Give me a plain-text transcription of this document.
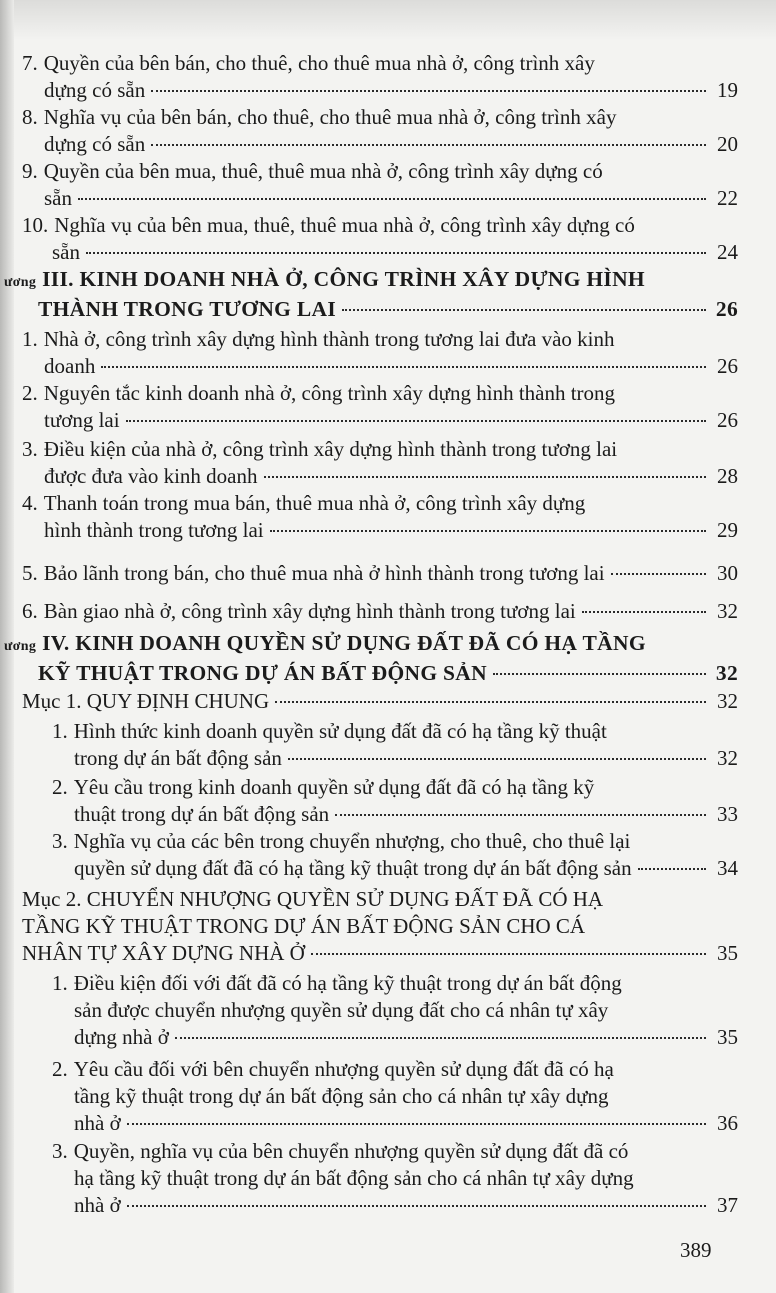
7. Quyền của bên bán, cho thuê, cho thuê mua nhà ở, công trình xây
dựng có sẵn	19
8. Nghĩa vụ của bên bán, cho thuê, cho thuê mua nhà ở, công trình xây
dựng có sẵn	20
9. Quyền của bên mua, thuê, thuê mua nhà ở, công trình xây dựng có
sẵn	22
10. Nghĩa vụ của bên mua, thuê, thuê mua nhà ở, công trình xây dựng có
sẵn	24
ương III. KINH DOANH NHÀ Ở, CÔNG TRÌNH XÂY DỰNG HÌNH
THÀNH TRONG TƯƠNG LAI	26
1. Nhà ở, công trình xây dựng hình thành trong tương lai đưa vào kinh
doanh	26
2. Nguyên tắc kinh doanh nhà ở, công trình xây dựng hình thành trong
tương lai	26
3. Điều kiện của nhà ở, công trình xây dựng hình thành trong tương lai
được đưa vào kinh doanh	28
4. Thanh toán trong mua bán, thuê mua nhà ở, công trình xây dựng
hình thành trong tương lai	29
5. Bảo lãnh trong bán, cho thuê mua nhà ở hình thành trong tương lai	30
6. Bàn giao nhà ở, công trình xây dựng hình thành trong tương lai	32
ương IV. KINH DOANH QUYỀN SỬ DỤNG ĐẤT ĐÃ CÓ HẠ TẦNG
KỸ THUẬT TRONG DỰ ÁN BẤT ĐỘNG SẢN	32
Mục 1. QUY ĐỊNH CHUNG	32
1. Hình thức kinh doanh quyền sử dụng đất đã có hạ tầng kỹ thuật
trong dự án bất động sản	32
2. Yêu cầu trong kinh doanh quyền sử dụng đất đã có hạ tầng kỹ
thuật trong dự án bất động sản	33
3. Nghĩa vụ của các bên trong chuyển nhượng, cho thuê, cho thuê lại
quyền sử dụng đất đã có hạ tầng kỹ thuật trong dự án bất động sản	34
Mục 2. CHUYỂN NHƯỢNG QUYỀN SỬ DỤNG ĐẤT ĐÃ CÓ HẠ
TẦNG KỸ THUẬT TRONG DỰ ÁN BẤT ĐỘNG SẢN CHO CÁ
NHÂN TỰ XÂY DỰNG NHÀ Ở	35
1. Điều kiện đối với đất đã có hạ tầng kỹ thuật trong dự án bất động
sản được chuyển nhượng quyền sử dụng đất cho cá nhân tự xây
dựng nhà ở	35
2. Yêu cầu đối với bên chuyển nhượng quyền sử dụng đất đã có hạ
tầng kỹ thuật trong dự án bất động sản cho cá nhân tự xây dựng
nhà ở	36
3. Quyền, nghĩa vụ của bên chuyển nhượng quyền sử dụng đất đã có
hạ tầng kỹ thuật trong dự án bất động sản cho cá nhân tự xây dựng
nhà ở	37
389
